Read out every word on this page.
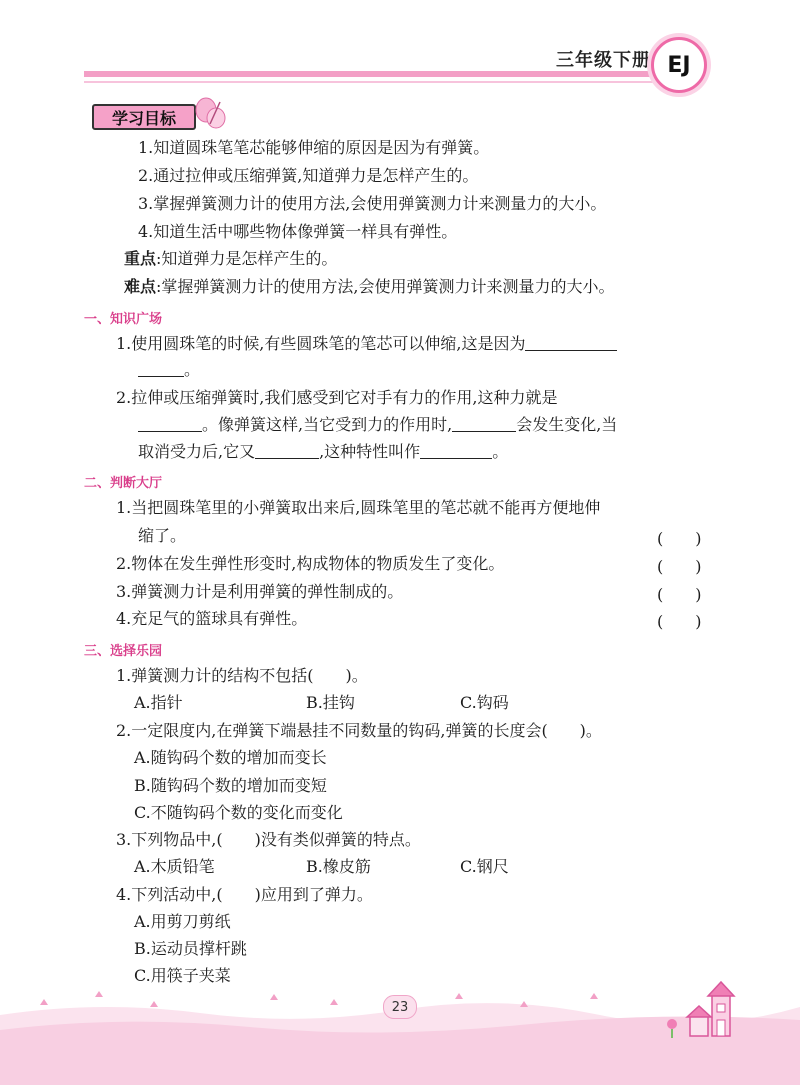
三年级下册 EJ
学习目标
1.知道圆珠笔笔芯能够伸缩的原因是因为有弹簧。
2.通过拉伸或压缩弹簧,知道弹力是怎样产生的。
3.掌握弹簧测力计的使用方法,会使用弹簧测力计来测量力的大小。
4.知道生活中哪些物体像弹簧一样具有弹性。
重点:知道弹力是怎样产生的。
难点:掌握弹簧测力计的使用方法,会使用弹簧测力计来测量力的大小。
一、知识广场
1.使用圆珠笔的时候,有些圆珠笔的笔芯可以伸缩,这是因为
。
2.拉伸或压缩弹簧时,我们感受到它对手有力的作用,这种力就是
。像弹簧这样,当它受到力的作用时,	会发生变化,当
取消受力后,它又	,这种特性叫作	。
二、判断大厅
1.当把圆珠笔里的小弹簧取出来后,圆珠笔里的笔芯就不能再方便地伸
缩了。	(　　)
2.物体在发生弹性形变时,构成物体的物质发生了变化。	(　　)
3.弹簧测力计是利用弹簧的弹性制成的。	(　　)
4.充足气的篮球具有弹性。	(　　)
三、选择乐园
1.弹簧测力计的结构不包括(　　)。
A.指针	B.挂钩	C.钩码
2.一定限度内,在弹簧下端悬挂不同数量的钩码,弹簧的长度会(　　)。
A.随钩码个数的增加而变长
B.随钩码个数的增加而变短
C.不随钩码个数的变化而变化
3.下列物品中,(　　)没有类似弹簧的特点。
A.木质铅笔	B.橡皮筋	C.钢尺
4.下列活动中,(　　)应用到了弹力。
A.用剪刀剪纸
B.运动员撑杆跳
C.用筷子夹菜
23
